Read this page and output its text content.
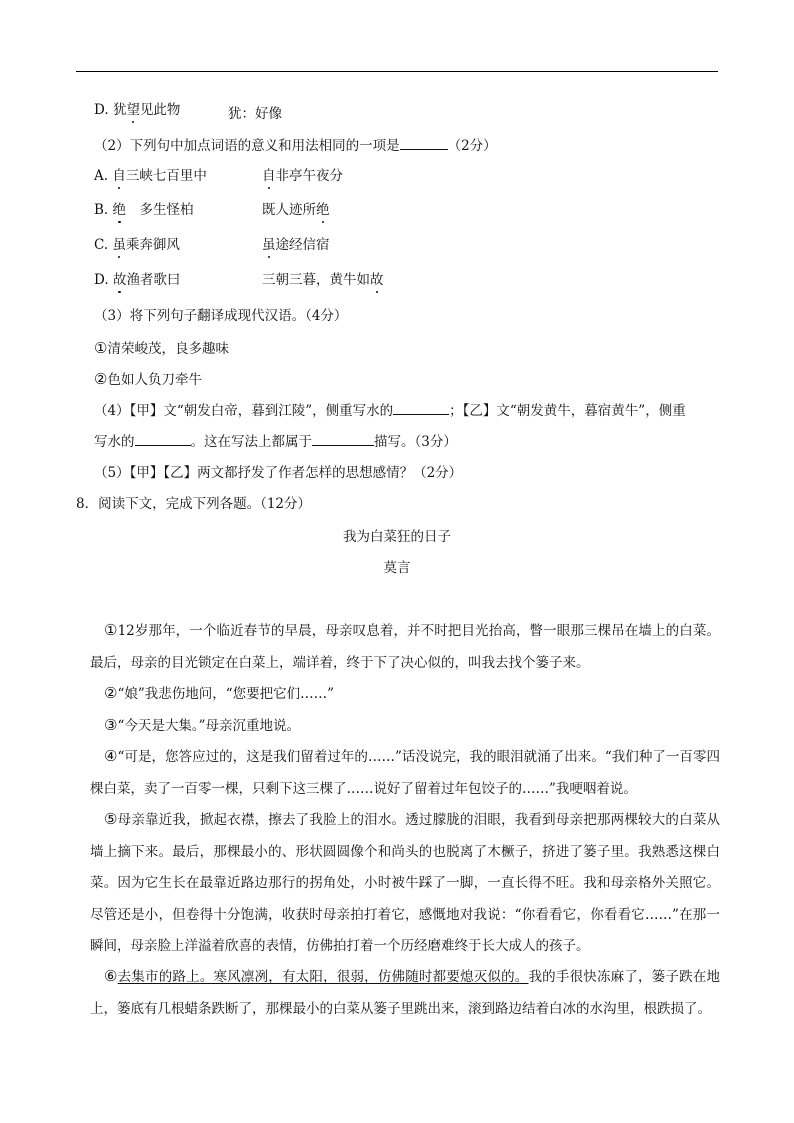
D. 犹望见此物	犹：好像
（2）下列句中加点词语的意义和用法相同的一项是	（2分）
A. 自三峡七百里中	自非亭午夜分
B. 绝　多生怪柏	既人迹所绝
C. 虽乘奔御风	虽途经信宿
D. 故渔者歌曰	三朝三暮，黄牛如故
（3）将下列句子翻译成现代汉语。（4分）
①清荣峻茂，良多趣味
②色如人负刀牵牛
（4）【甲】文“朝发白帝，暮到江陵”，侧重写水的	；【乙】文“朝发黄牛，暮宿黄牛”，侧重
写水的	。这在写法上都属于	描写。（3分）
（5）【甲】【乙】两文都抒发了作者怎样的思想感情？（2分）
8．阅读下文，完成下列各题。（12分）
我为白菜狂的日子
莫言
①12岁那年，一个临近春节的早晨，母亲叹息着，并不时把目光抬高，瞥一眼那三棵吊在墙上的白菜。最后，母亲的目光锁定在白菜上，端详着，终于下了决心似的，叫我去找个篓子来。
②“娘”我悲伤地问，“您要把它们……”
③“今天是大集。”母亲沉重地说。
④“可是，您答应过的，这是我们留着过年的……”话没说完，我的眼泪就涌了出来。“我们种了一百零四棵白菜，卖了一百零一棵，只剩下这三棵了……说好了留着过年包饺子的……”我哽咽着说。
⑤母亲靠近我，掀起衣襟，擦去了我脸上的泪水。透过朦胧的泪眼，我看到母亲把那两棵较大的白菜从墙上摘下来。最后，那棵最小的、形状圆圆像个和尚头的也脱离了木橛子，挤进了篓子里。我熟悉这棵白菜。因为它生长在最靠近路边那行的拐角处，小时被牛踩了一脚，一直长得不旺。我和母亲格外关照它。尽管还是小，但卷得十分饱满，收获时母亲拍打着它，感慨地对我说：“你看看它，你看看它……”在那一瞬间，母亲脸上洋溢着欣喜的表情，仿佛拍打着一个历经磨难终于长大成人的孩子。
⑥去集市的路上。寒风凛冽，有太阳，很弱，仿佛随时都要熄灭似的。我的手很快冻麻了，篓子跌在地上，篓底有几根蜡条跌断了，那棵最小的白菜从篓子里跳出来，滚到路边结着白冰的水沟里，根跌损了。
